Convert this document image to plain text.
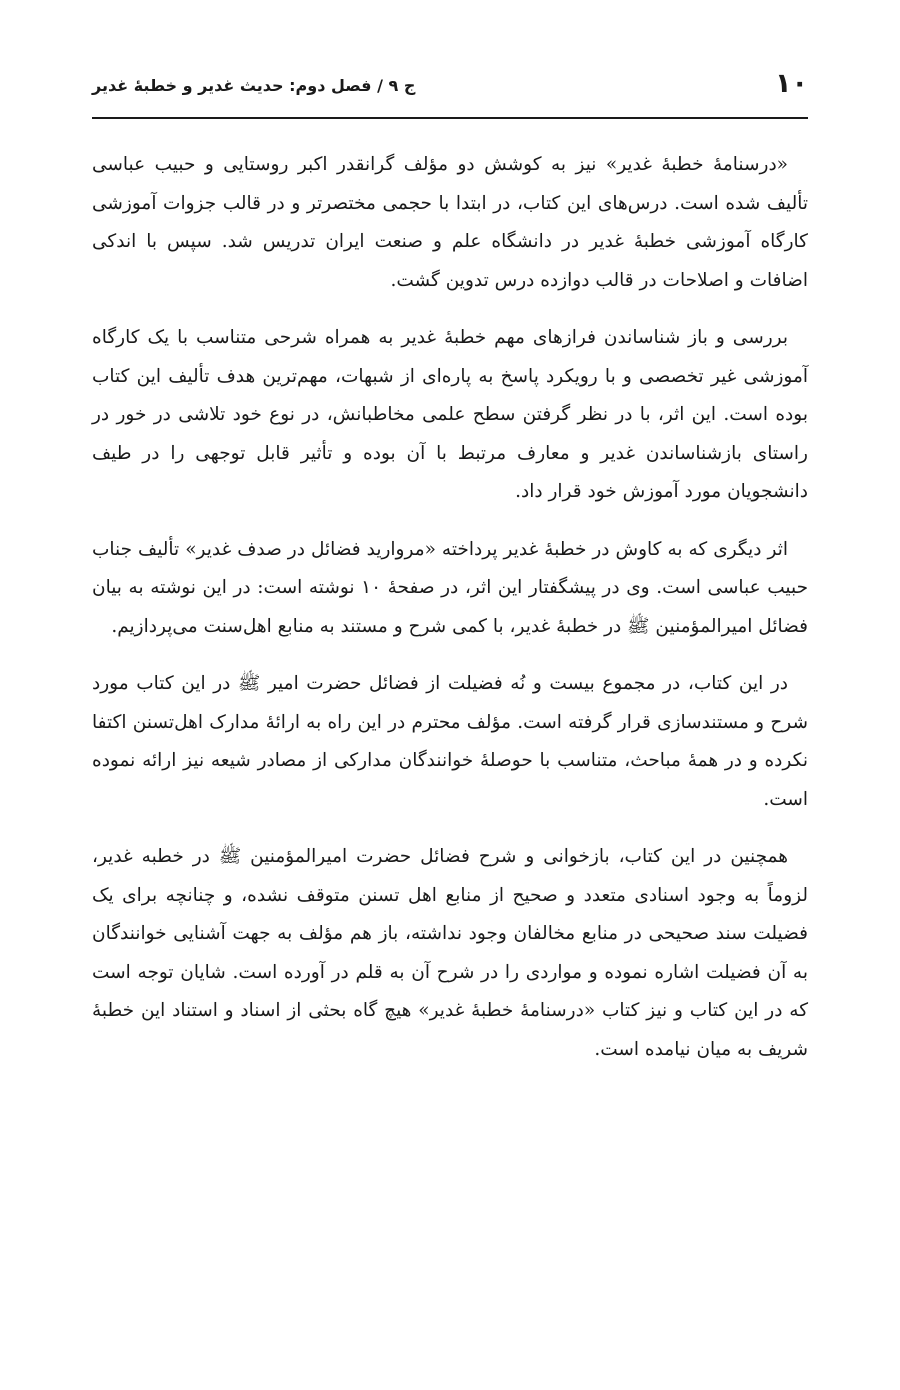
۱۰
ج ۹ / فصل دوم: حدیث غدیر و خطبهٔ غدیر

«درسنامهٔ خطبهٔ غدیر» نیز به کوشش دو مؤلف گرانقدر اکبر روستایی و حبیب عباسی تألیف شده است. درس‌های این کتاب، در ابتدا با حجمی مختصرتر و در قالب جزوات آموزشی کارگاه آموزشی خطبهٔ غدیر در دانشگاه علم و صنعت ایران تدریس شد. سپس با اندکی اضافات و اصلاحات در قالب دوازده درس تدوین گشت.

بررسی و باز شناساندن فرازهای مهم خطبهٔ غدیر به همراه شرحی متناسب با یک کارگاه آموزشی غیر تخصصی و با رویکرد پاسخ به پاره‌ای از شبهات، مهم‌ترین هدف تألیف این کتاب بوده است. این اثر، با در نظر گرفتن سطح علمی مخاطبانش، در نوع خود تلاشی در خور در راستای بازشناساندن غدیر و معارف مرتبط با آن بوده و تأثیر قابل توجهی را در طیف دانشجویان مورد آموزش خود قرار داد.

اثر دیگری که به کاوش در خطبهٔ غدیر پرداخته «مروارید فضائل در صدف غدیر» تألیف جناب حبیب عباسی است. وی در پیشگفتار این اثر، در صفحهٔ ۱۰ نوشته است: در این نوشته به بیان فضائل امیرالمؤمنین ﷺ در خطبهٔ غدیر، با کمی شرح و مستند به منابع اهل‌سنت می‌پردازیم.

در این کتاب، در مجموع بیست و نُه فضیلت از فضائل حضرت امیر ﷺ در این کتاب مورد شرح و مستندسازی قرار گرفته است. مؤلف محترم در این راه به ارائهٔ مدارک اهل‌تسنن اکتفا نکرده و در همهٔ مباحث، متناسب با حوصلهٔ خوانندگان مدارکی از مصادر شیعه نیز ارائه نموده است.

همچنین در این کتاب، بازخوانی و شرح فضائل حضرت امیرالمؤمنین ﷺ در خطبه غدیر، لزوماً به وجود اسنادی متعدد و صحیح از منابع اهل تسنن متوقف نشده، و چنانچه برای یک فضیلت سند صحیحی در منابع مخالفان وجود نداشته، باز هم مؤلف به جهت آشنایی خوانندگان به آن فضیلت اشاره نموده و مواردی را در شرح آن به قلم در آورده است. شایان توجه است که در این کتاب و نیز کتاب «درسنامهٔ خطبهٔ غدیر» هیچ گاه بحثی از اسناد و استناد این خطبهٔ شریف به میان نیامده است.
